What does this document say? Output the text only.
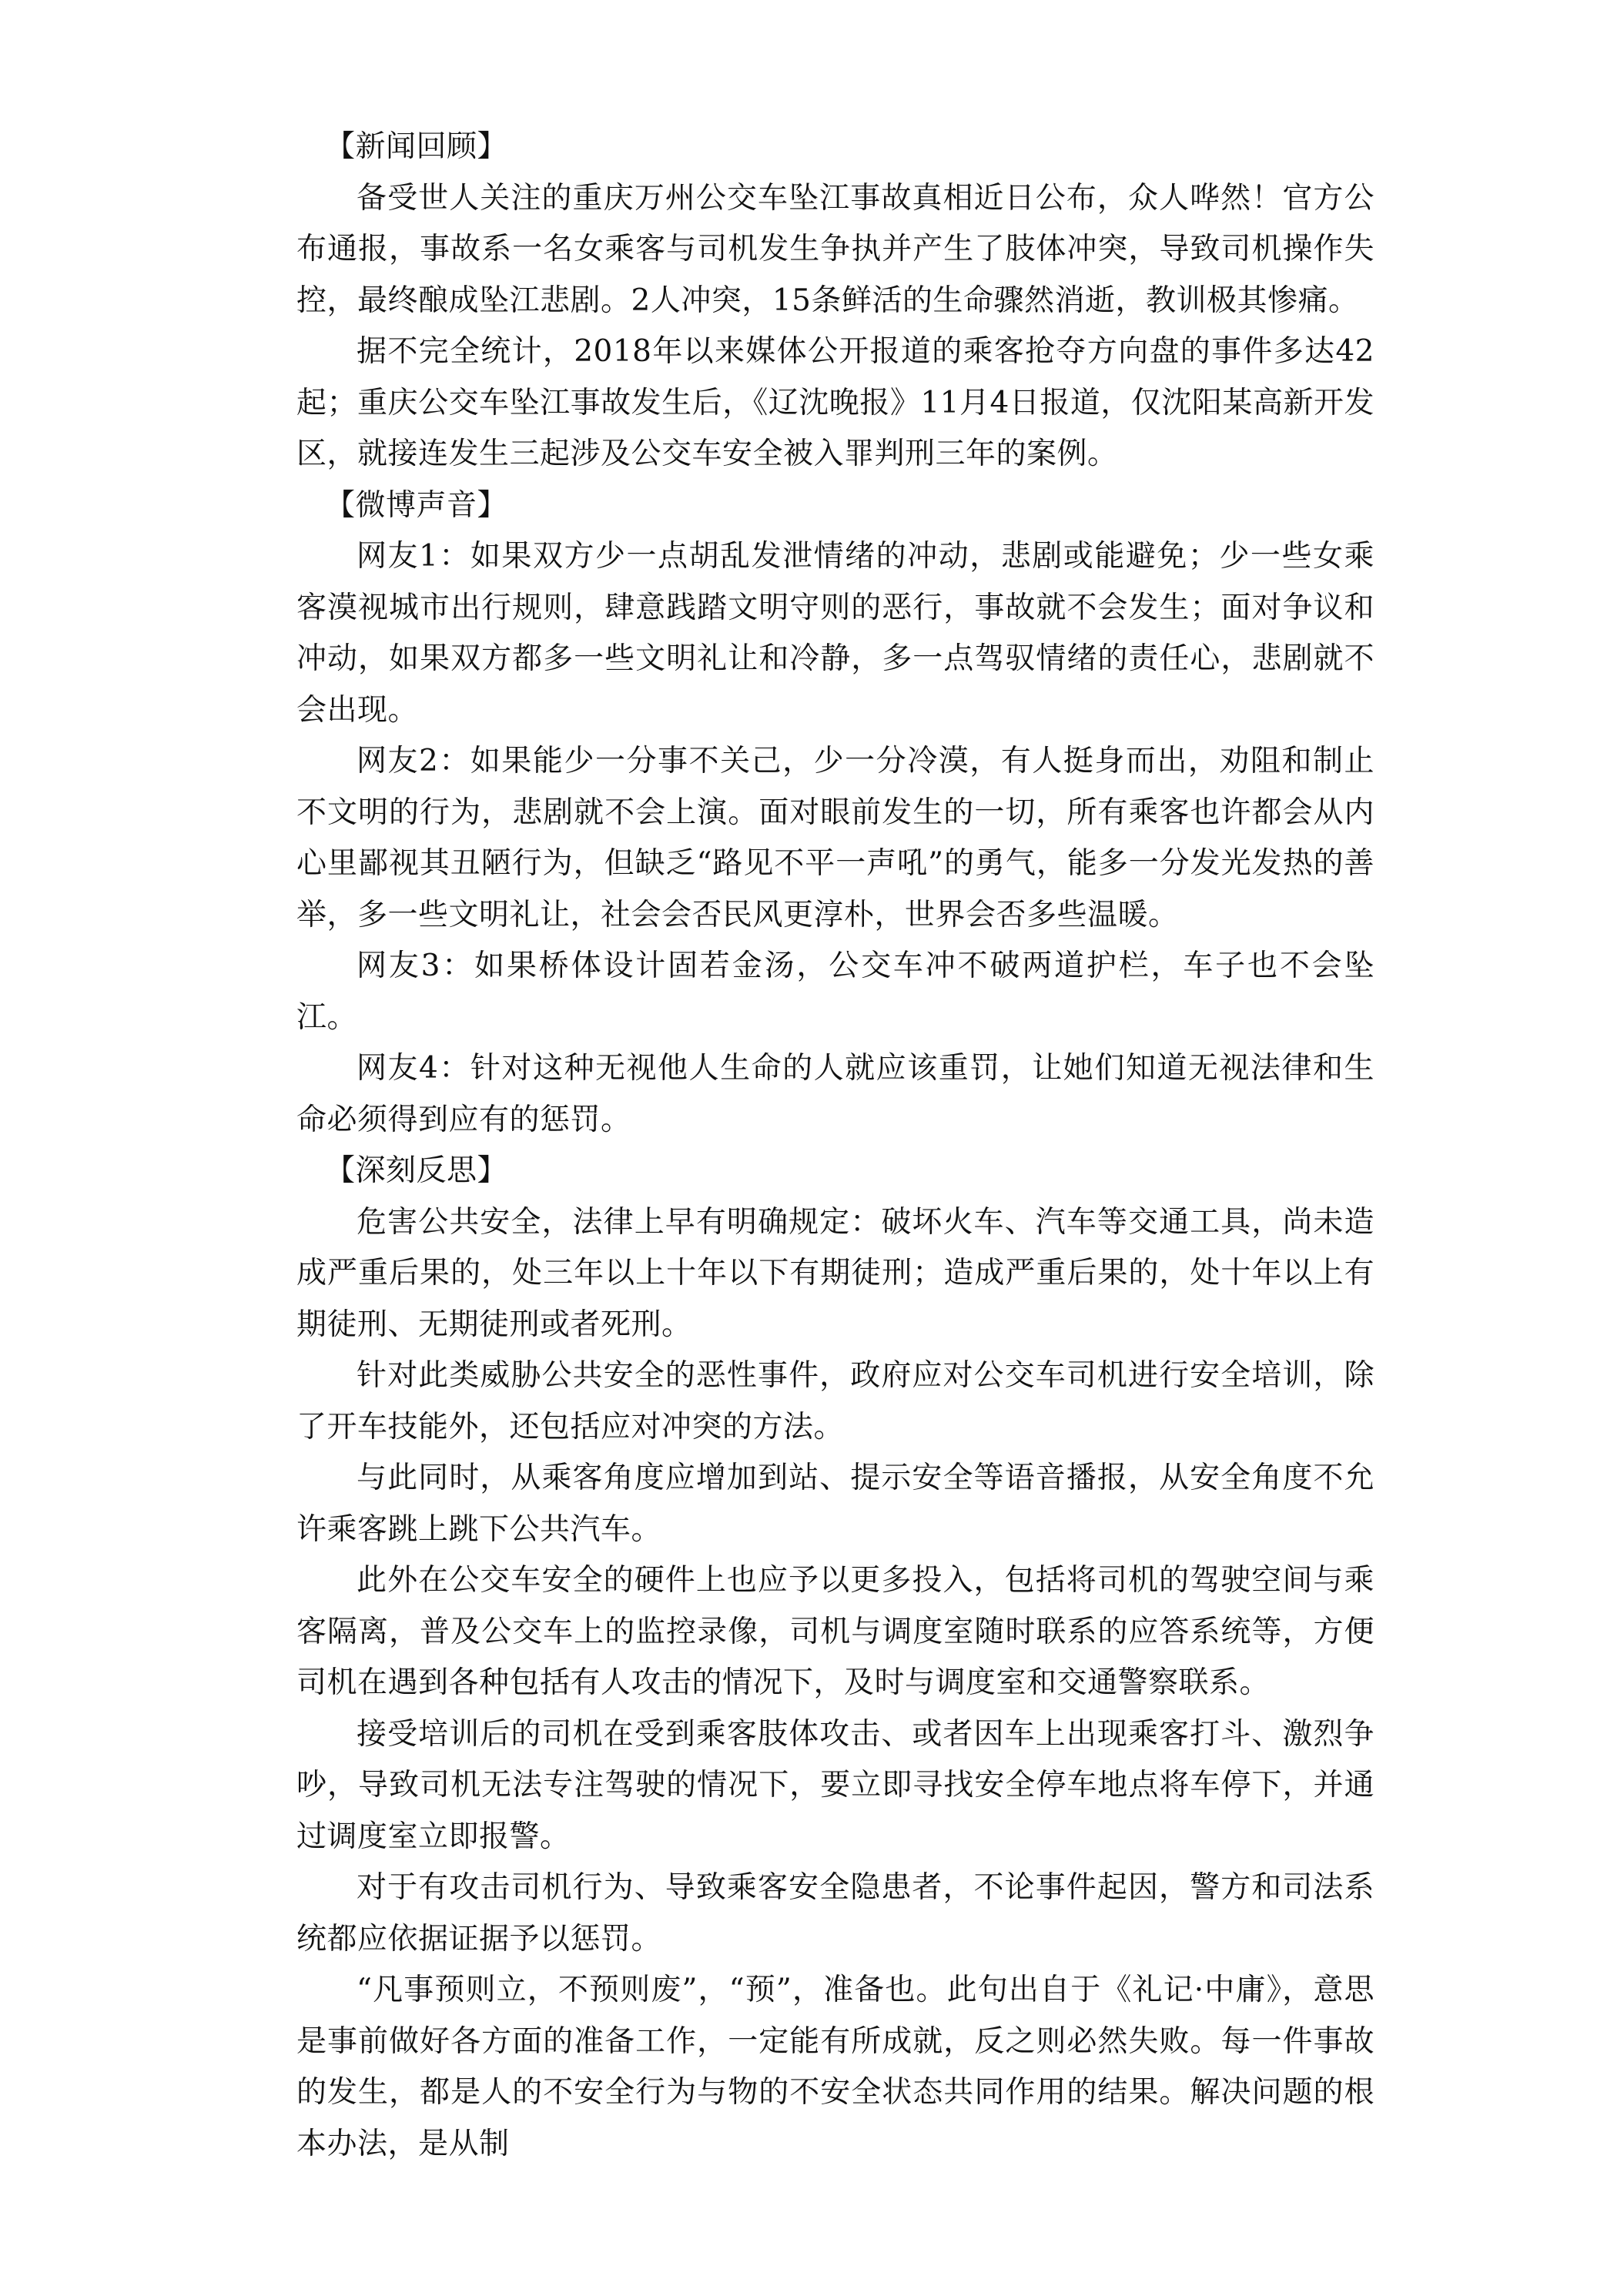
【新闻回顾】

备受世人关注的重庆万州公交车坠江事故真相近日公布，众人哗然！官方公布通报，事故系一名女乘客与司机发生争执并产生了肢体冲突，导致司机操作失控，最终酿成坠江悲剧。2人冲突，15条鲜活的生命骤然消逝，教训极其惨痛。

据不完全统计，2018年以来媒体公开报道的乘客抢夺方向盘的事件多达42起；重庆公交车坠江事故发生后，《辽沈晚报》11月4日报道，仅沈阳某高新开发区，就接连发生三起涉及公交车安全被入罪判刑三年的案例。

【微博声音】

网友1：如果双方少一点胡乱发泄情绪的冲动，悲剧或能避免；少一些女乘客漠视城市出行规则，肆意践踏文明守则的恶行，事故就不会发生；面对争议和冲动，如果双方都多一些文明礼让和冷静，多一点驾驭情绪的责任心，悲剧就不会出现。

网友2：如果能少一分事不关己，少一分冷漠，有人挺身而出，劝阻和制止不文明的行为，悲剧就不会上演。面对眼前发生的一切，所有乘客也许都会从内心里鄙视其丑陋行为，但缺乏“路见不平一声吼”的勇气，能多一分发光发热的善举，多一些文明礼让，社会会否民风更淳朴，世界会否多些温暖。

网友3：如果桥体设计固若金汤，公交车冲不破两道护栏，车子也不会坠江。

网友4：针对这种无视他人生命的人就应该重罚，让她们知道无视法律和生命必须得到应有的惩罚。

【深刻反思】

危害公共安全，法律上早有明确规定：破坏火车、汽车等交通工具，尚未造成严重后果的，处三年以上十年以下有期徒刑；造成严重后果的，处十年以上有期徒刑、无期徒刑或者死刑。

针对此类威胁公共安全的恶性事件，政府应对公交车司机进行安全培训，除了开车技能外，还包括应对冲突的方法。

与此同时，从乘客角度应增加到站、提示安全等语音播报，从安全角度不允许乘客跳上跳下公共汽车。

此外在公交车安全的硬件上也应予以更多投入，包括将司机的驾驶空间与乘客隔离，普及公交车上的监控录像，司机与调度室随时联系的应答系统等，方便司机在遇到各种包括有人攻击的情况下，及时与调度室和交通警察联系。

接受培训后的司机在受到乘客肢体攻击、或者因车上出现乘客打斗、激烈争吵，导致司机无法专注驾驶的情况下，要立即寻找安全停车地点将车停下，并通过调度室立即报警。

对于有攻击司机行为、导致乘客安全隐患者，不论事件起因，警方和司法系统都应依据证据予以惩罚。

“凡事预则立，不预则废”，“预”，准备也。此句出自于《礼记·中庸》，意思是事前做好各方面的准备工作，一定能有所成就，反之则必然失败。每一件事故的发生，都是人的不安全行为与物的不安全状态共同作用的结果。解决问题的根本办法，是从制
